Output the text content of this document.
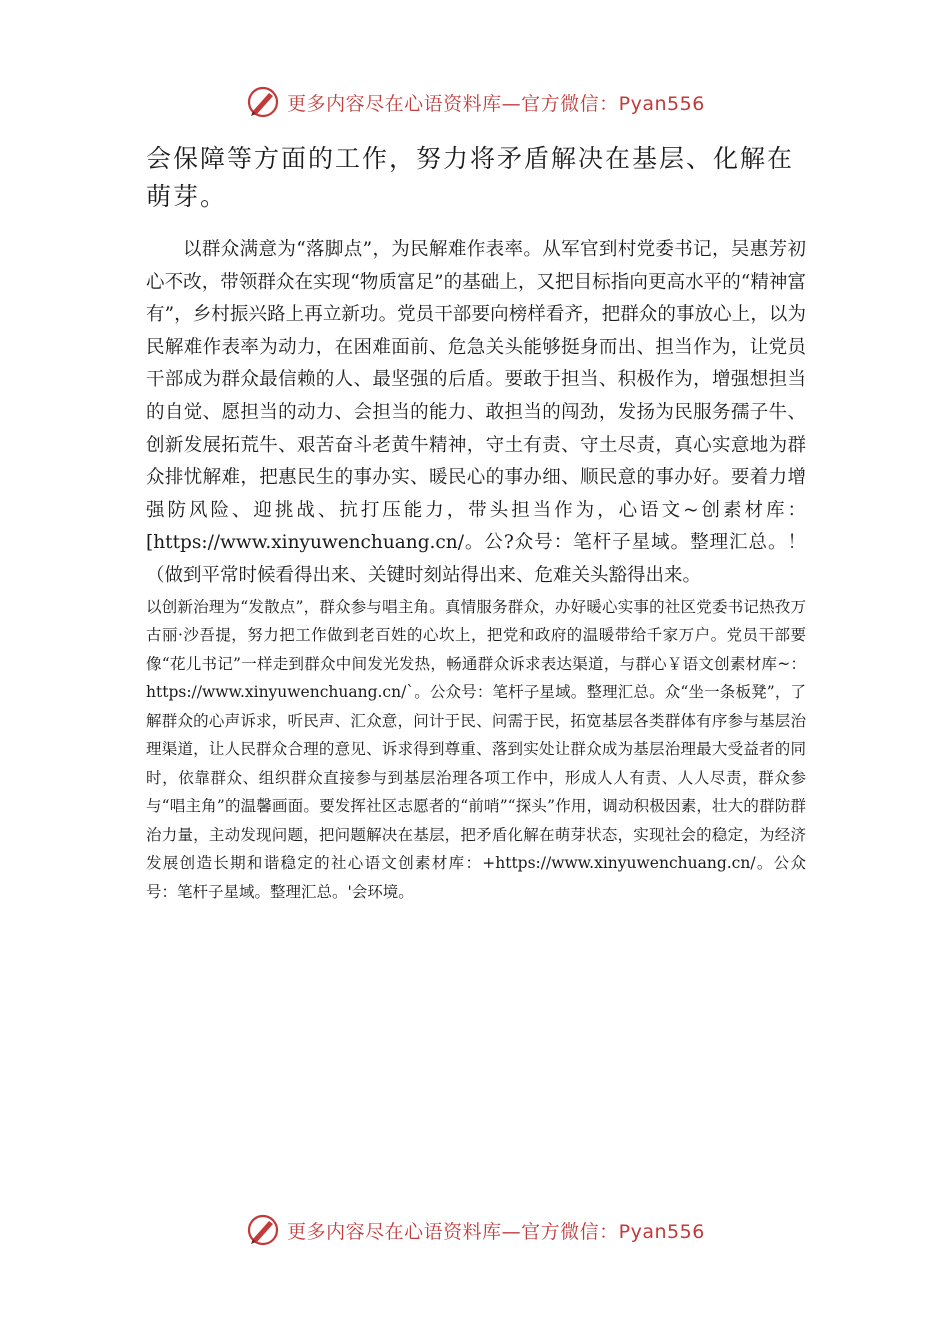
更多内容尽在心语资料库—官方微信：Pyan556

会保障等方面的工作，努力将矛盾解决在基层、化解在萌芽。

以群众满意为“落脚点”，为民解难作表率。从军官到村党委书记，吴惠芳初心不改，带领群众在实现“物质富足”的基础上，又把目标指向更高水平的“精神富有”，乡村振兴路上再立新功。党员干部要向榜样看齐，把群众的事放心上，以为民解难作表率为动力，在困难面前、危急关头能够挺身而出、担当作为，让党员干部成为群众最信赖的人、最坚强的后盾。要敢于担当、积极作为，增强想担当的自觉、愿担当的动力、会担当的能力、敢担当的闯劲，发扬为民服务孺子牛、创新发展拓荒牛、艰苦奋斗老黄牛精神，守土有责、守土尽责，真心实意地为群众排忧解难，把惠民生的事办实、暖民心的事办细、顺民意的事办好。要着力增强防风险、迎挑战、抗打压能力，带头担当作为，心语文~创素材库：[https://www.xinyuwenchuang.cn/。公?众号：笔杆子星域。整理汇总。！（做到平常时候看得出来、关键时刻站得出来、危难关头豁得出来。

以创新治理为“发散点”，群众参与唱主角。真情服务群众，办好暖心实事的社区党委书记热孜万古丽·沙吾提，努力把工作做到老百姓的心坎上，把党和政府的温暖带给千家万户。党员干部要像“花儿书记”一样走到群众中间发光发热，畅通群众诉求表达渠道，与群心￥语文创素材库~：https://www.xinyuwenchuang.cn/`。公众号：笔杆子星域。整理汇总。众“坐一条板凳”，了解群众的心声诉求，听民声、汇众意，问计于民、问需于民，拓宽基层各类群体有序参与基层治理渠道，让人民群众合理的意见、诉求得到尊重、落到实处让群众成为基层治理最大受益者的同时，依靠群众、组织群众直接参与到基层治理各项工作中，形成人人有责、人人尽责，群众参与“唱主角”的温馨画面。要发挥社区志愿者的“前哨”“探头”作用，调动积极因素，壮大的群防群治力量，主动发现问题，把问题解决在基层，把矛盾化解在萌芽状态，实现社会的稳定，为经济发展创造长期和谐稳定的社心语文创素材库：+https://www.xinyuwenchuang.cn/。公众号：笔杆子星域。整理汇总。'会环境。

更多内容尽在心语资料库—官方微信：Pyan556
